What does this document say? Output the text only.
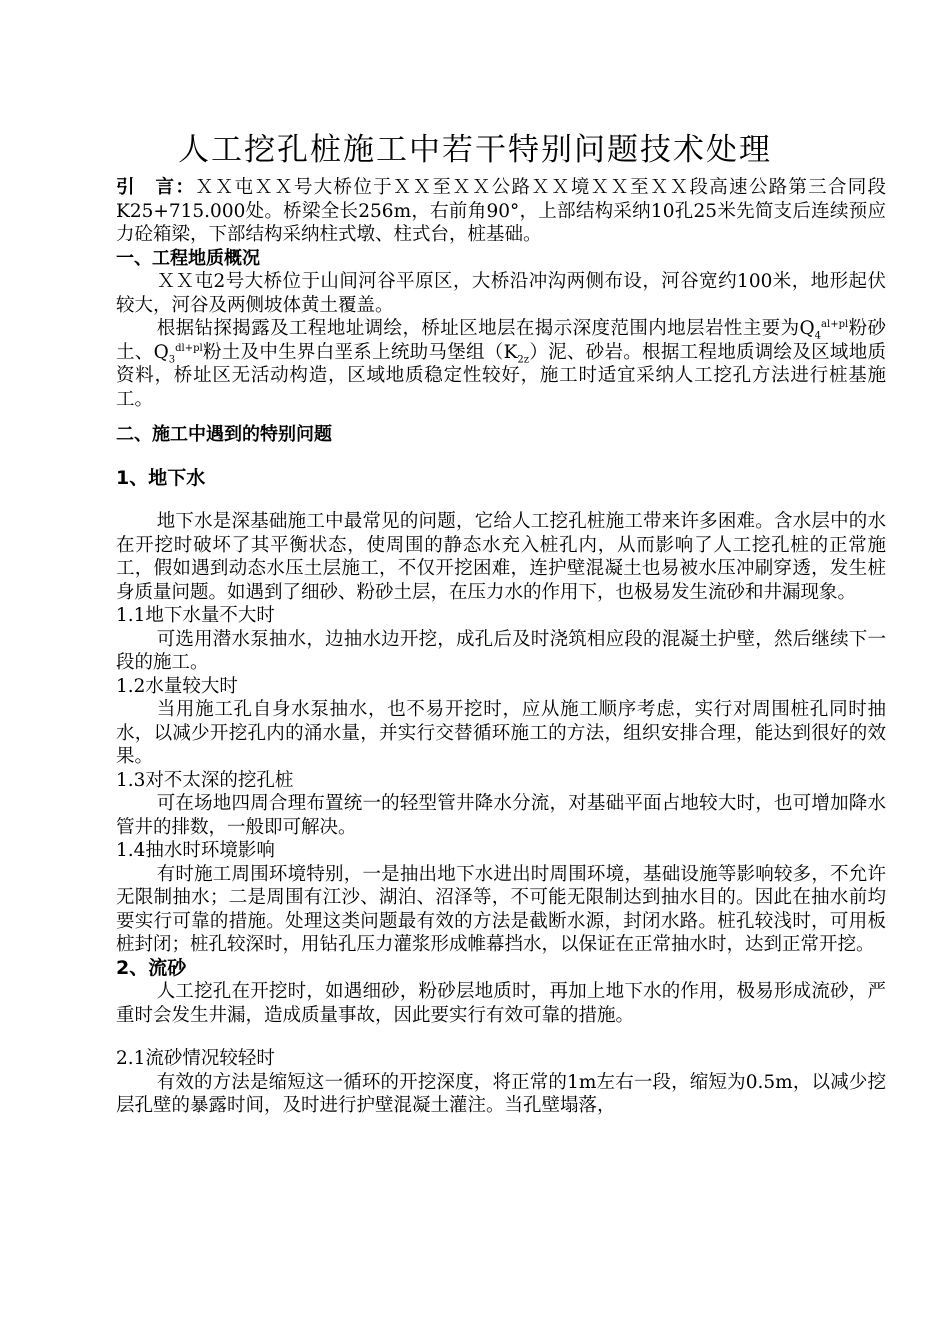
人工挖孔桩施工中若干特别问题技术处理

引　言：ＸＸ屯ＸＸ号大桥位于ＸＸ至ＸＸ公路ＸＸ境ＸＸ至ＸＸ段高速公路第三合同段K25+715.000处。桥梁全长256m，右前角90°，上部结构采纳10孔25米先简支后连续预应力砼箱梁，下部结构采纳柱式墩、柱式台，桩基础。

一、工程地质概况

ＸＸ屯2号大桥位于山间河谷平原区，大桥沿冲沟两侧布设，河谷宽约100米，地形起伏较大，河谷及两侧坡体黄土覆盖。

根据钻探揭露及工程地址调绘，桥址区地层在揭示深度范围内地层岩性主要为$Q_4^{al+pl}$粉砂土、$Q_3^{dl+pl}$粉土及中生界白垩系上统助马堡组$(K_{2z})$泥、砂岩。根据工程地质调绘及区域地质资料，桥址区无活动构造，区域地质稳定性较好，施工时适宜采纳人工挖孔方法进行桩基施工。

二、施工中遇到的特别问题

1、地下水

地下水是深基础施工中最常见的问题，它给人工挖孔桩施工带来许多困难。含水层中的水在开挖时破坏了其平衡状态，使周围的静态水充入桩孔内，从而影响了人工挖孔桩的正常施工，假如遇到动态水压土层施工，不仅开挖困难，连护壁混凝土也易被水压冲刷穿透，发生桩身质量问题。如遇到了细砂、粉砂土层，在压力水的作用下，也极易发生流砂和井漏现象。

1.1地下水量不大时

可选用潜水泵抽水，边抽水边开挖，成孔后及时浇筑相应段的混凝土护壁，然后继续下一段的施工。

1.2水量较大时

当用施工孔自身水泵抽水，也不易开挖时，应从施工顺序考虑，实行对周围桩孔同时抽水，以减少开挖孔内的涌水量，并实行交替循环施工的方法，组织安排合理，能达到很好的效果。

1.3对不太深的挖孔桩

可在场地四周合理布置统一的轻型管井降水分流，对基础平面占地较大时，也可增加降水管井的排数，一般即可解决。

1.4抽水时环境影响

有时施工周围环境特别，一是抽出地下水进出时周围环境，基础设施等影响较多，不允许无限制抽水；二是周围有江沙、湖泊、沼泽等，不可能无限制达到抽水目的。因此在抽水前均要实行可靠的措施。处理这类问题最有效的方法是截断水源，封闭水路。桩孔较浅时，可用板桩封闭；桩孔较深时，用钻孔压力灌浆形成帷幕挡水，以保证在正常抽水时，达到正常开挖。

2、流砂

人工挖孔在开挖时，如遇细砂，粉砂层地质时，再加上地下水的作用，极易形成流砂，严重时会发生井漏，造成质量事故，因此要实行有效可靠的措施。

2.1流砂情况较轻时

有效的方法是缩短这一循环的开挖深度，将正常的1m左右一段，缩短为0.5m，以减少挖层孔壁的暴露时间，及时进行护壁混凝土灌注。当孔壁塌落，
